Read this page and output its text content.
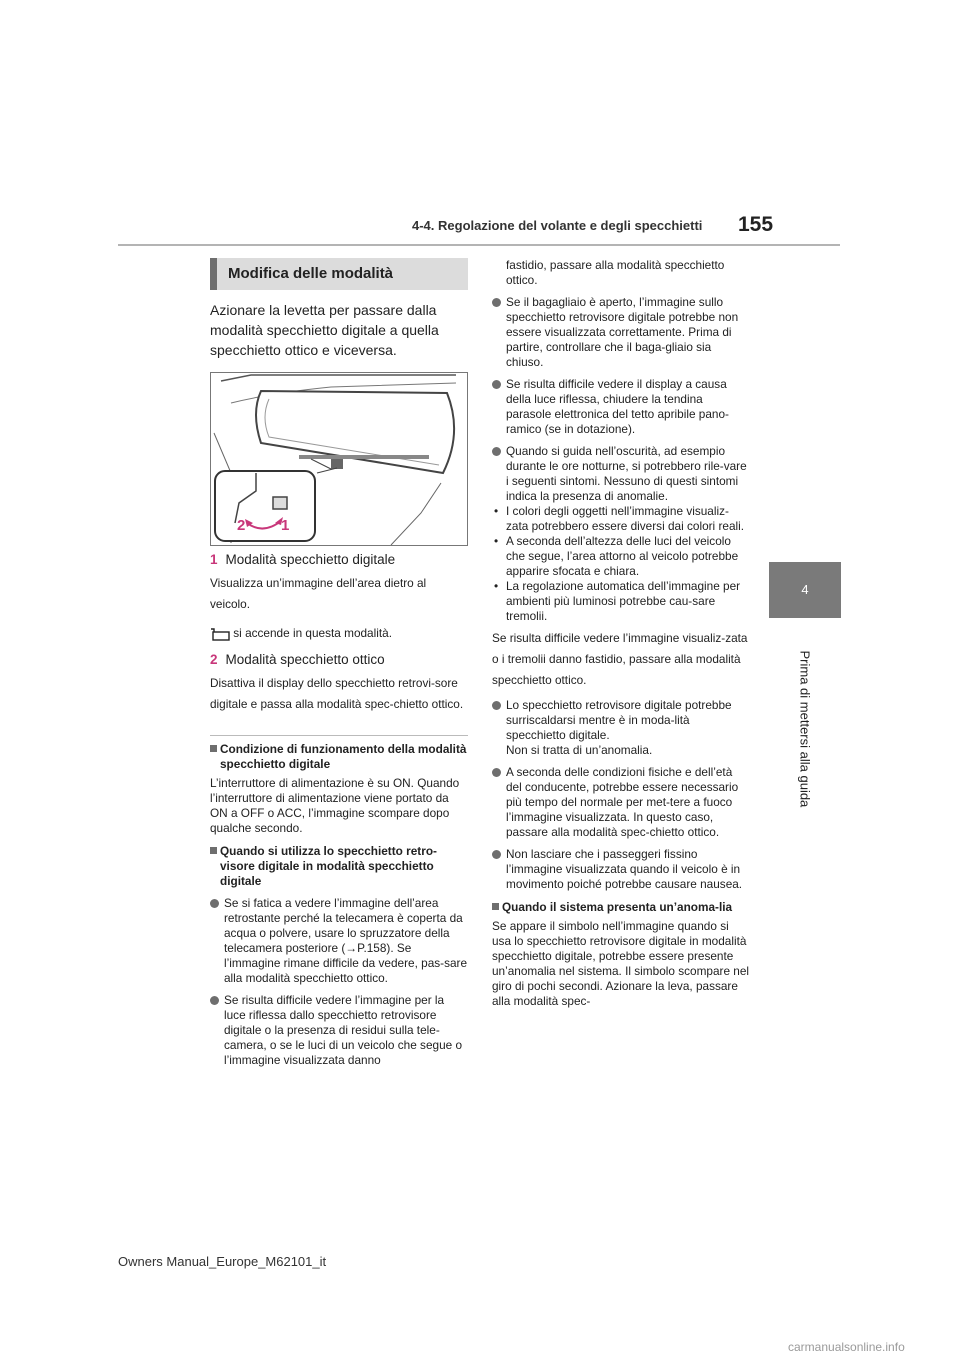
4-4. Regolazione del volante e degli specchietti 155
4
Prima di mettersi alla guida
Modifica delle modalità
Azionare la levetta per passare dalla modalità specchietto digitale a quella specchietto ottico e viceversa.
2 1
1 Modalità specchietto digitale
Visualizza un’immagine dell’area dietro al veicolo.
si accende in questa modalità.
2 Modalità specchietto ottico
Disattiva il display dello specchietto retrovi-sore digitale e passa alla modalità spec-chietto ottico.
Condizione di funzionamento della modalità specchietto digitale
L’interruttore di alimentazione è su ON. Quando l’interruttore di alimentazione viene portato da ON a OFF o ACC, l’immagine scompare dopo qualche secondo.
Quando si utilizza lo specchietto retro-visore digitale in modalità specchietto digitale
Se si fatica a vedere l’immagine dell’area retrostante perché la telecamera è coperta da acqua o polvere, usare lo spruzzatore della telecamera posteriore (→P.158). Se l’immagine rimane difficile da vedere, pas-sare alla modalità specchietto ottico.
Se risulta difficile vedere l’immagine per la luce riflessa dallo specchietto retrovisore digitale o la presenza di residui sulla tele-camera, o se le luci di un veicolo che segue o l’immagine visualizzata danno
fastidio, passare alla modalità specchietto ottico.
Se il bagagliaio è aperto, l’immagine sullo specchietto retrovisore digitale potrebbe non essere visualizzata correttamente. Prima di partire, controllare che il baga-gliaio sia chiuso.
Se risulta difficile vedere il display a causa della luce riflessa, chiudere la tendina parasole elettronica del tetto apribile pano-ramico (se in dotazione).
Quando si guida nell’oscurità, ad esempio durante le ore notturne, si potrebbero rile-vare i seguenti sintomi. Nessuno di questi sintomi indica la presenza di anomalie.
• I colori degli oggetti nell’immagine visualiz-zata potrebbero essere diversi dai colori reali.
• A seconda dell’altezza delle luci del veicolo che segue, l’area attorno al veicolo potrebbe apparire sfocata e chiara.
• La regolazione automatica dell’immagine per ambienti più luminosi potrebbe cau-sare tremolii.
Se risulta difficile vedere l’immagine visualiz-zata o i tremolii danno fastidio, passare alla modalità specchietto ottico.
Lo specchietto retrovisore digitale potrebbe surriscaldarsi mentre è in moda-lità specchietto digitale.
Non si tratta di un’anomalia.
A seconda delle condizioni fisiche e dell’età del conducente, potrebbe essere necessario più tempo del normale per met-tere a fuoco l’immagine visualizzata. In questo caso, passare alla modalità spec-chietto ottico.
Non lasciare che i passeggeri fissino l’immagine visualizzata quando il veicolo è in movimento poiché potrebbe causare nausea.
Quando il sistema presenta un’anoma-lia
Se appare il simbolo nell’immagine quando si usa lo specchietto retrovisore digitale in modalità specchietto digitale, potrebbe essere presente un’anomalia nel sistema. Il simbolo scompare nel giro di pochi secondi. Azionare la leva, passare alla modalità spec-
Owners Manual_Europe_M62101_it
carmanualsonline.info
